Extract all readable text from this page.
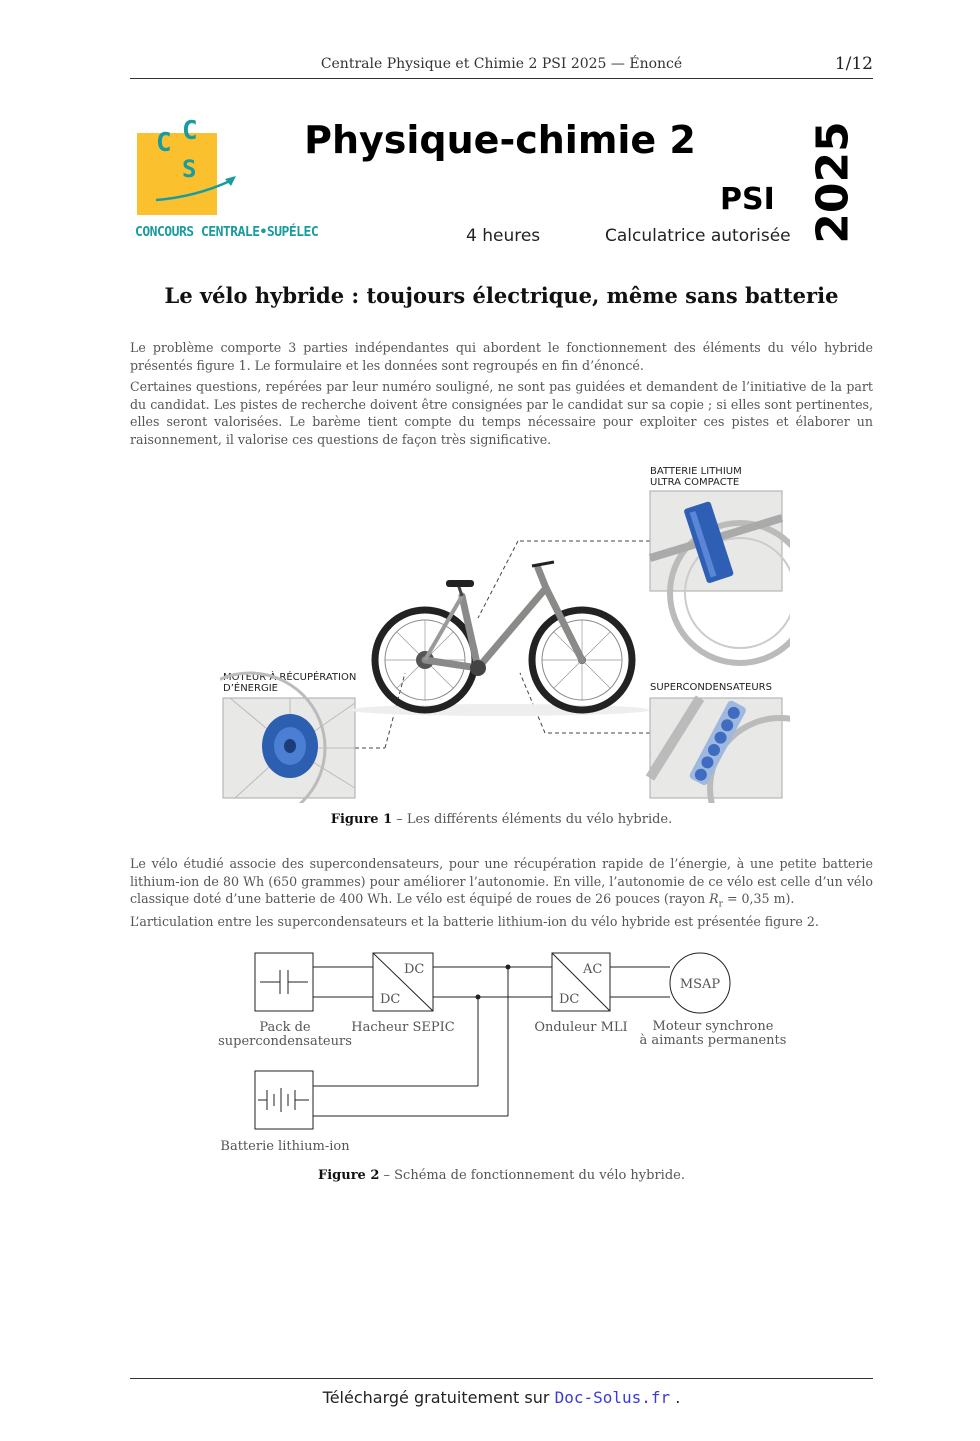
Centrale Physique et Chimie 2 PSI 2025 — Énoncé	1/12
C C
S
CONCOURS CENTRALE•SUPÉLEC
Physique-chimie 2
PSI 2025
4 heures	Calculatrice autorisée
Le vélo hybride : toujours électrique, même sans batterie
Le problème comporte 3 parties indépendantes qui abordent le fonctionnement des éléments du vélo hybride présentés figure 1. Le formulaire et les données sont regroupés en fin d’énoncé.
Certaines questions, repérées par leur numéro souligné, ne sont pas guidées et demandent de l’initiative de la part du candidat. Les pistes de recherche doivent être consignées par le candidat sur sa copie ; si elles sont pertinentes, elles seront valorisées. Le barème tient compte du temps nécessaire pour exploiter ces pistes et élaborer un raisonnement, il valorise ces questions de façon très significative.
BATTERIE LITHIUM
ULTRA COMPACTE
MOTEUR À RÉCUPÉRATION
D’ÉNERGIE	SUPERCONDENSATEURS
Figure 1 – Les différents éléments du vélo hybride.
Le vélo étudié associe des supercondensateurs, pour une récupération rapide de l’énergie, à une petite batterie lithium-ion de 80 Wh (650 grammes) pour améliorer l’autonomie. En ville, l’autonomie de ce vélo est celle d’un vélo classique doté d’une batterie de 400 Wh. Le vélo est équipé de roues de 26 pouces (rayon $R_r = 0,35$ m).
L’articulation entre les supercondensateurs et la batterie lithium-ion du vélo hybride est présentée figure 2.
DC
DC
AC
DC
MSAP
Pack de
supercondensateurs
Hacheur SEPIC	Onduleur MLI	Moteur synchrone
à aimants permanents
Batterie lithium-ion
Figure 2 – Schéma de fonctionnement du vélo hybride.
Téléchargé gratuitement sur Doc-Solus.fr .
